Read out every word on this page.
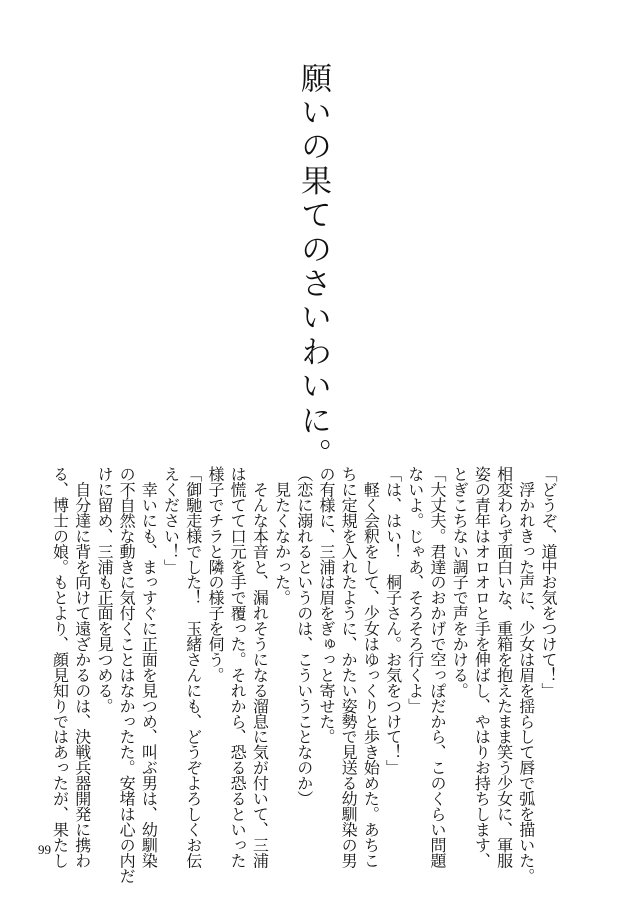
願いの果てのさいわいに。

「どうぞ、道中お気をつけて！」

　浮かれきった声に、少女は眉を揺らして唇で弧を描いた。

相変わらず面白いな、重箱を抱えたまま笑う少女に、軍服

姿の青年はオロオロと手を伸ばし、やはりお持ちします、

とぎこちない調子で声をかける。

「大丈夫。君達のおかげで空っぽだから、このくらい問題

ないよ。じゃあ、そろそろ行くよ」

「は、はい！　桐子さん。お気をつけて！」

　軽く会釈をして、少女はゆっくりと歩き始めた。あちこ

ちに定規を入れたように、かたい姿勢で見送る幼馴染の男

の有様に、三浦は眉をぎゅっと寄せた。

（恋に溺れるというのは、こういうことなのか）

　見たくなかった。

　そんな本音と、漏れそうになる溜息に気が付いて、三浦

は慌てて口元を手で覆った。それから、恐る恐るといった

様子でチラと隣の様子を伺う。

「御馳走様でした！　玉緒さんにも、どうぞよろしくお伝

えください！」

　幸いにも、まっすぐに正面を見つめ、叫ぶ男は、幼馴染

の不自然な動きに気付くことはなかったた。安堵は心の内だ

けに留め、三浦も正面を見つめる。

　自分達に背を向けて遠ざかるのは、決戦兵器開発に携わ

る、博士の娘。もとより、顔見知りではあったが、果たし

99
